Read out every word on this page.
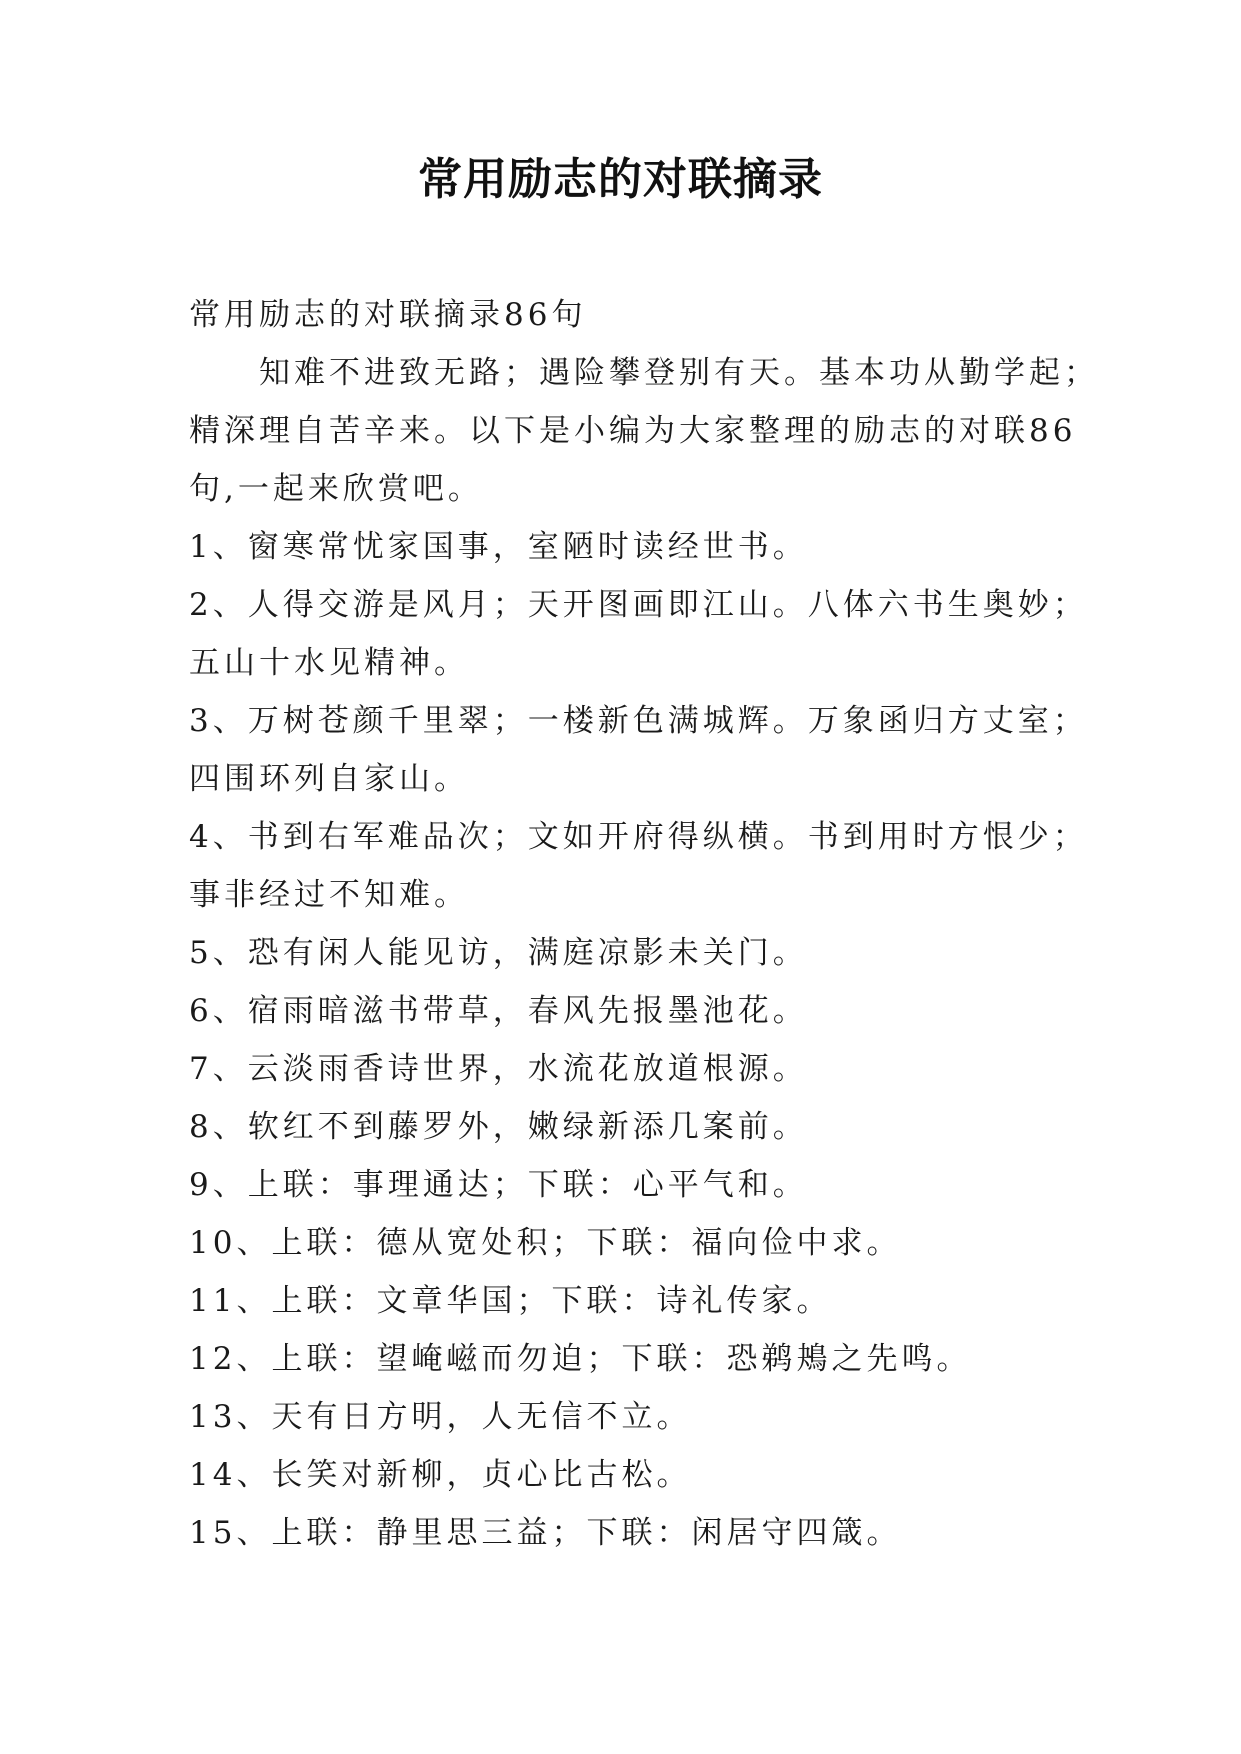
常用励志的对联摘录
常用励志的对联摘录86句
知难不进致无路；遇险攀登别有天。基本功从勤学起；
精深理自苦辛来。以下是小编为大家整理的励志的对联86
句,一起来欣赏吧。
1、窗寒常忧家国事，室陋时读经世书。
2、人得交游是风月；天开图画即江山。八体六书生奥妙；
五山十水见精神。
3、万树苍颜千里翠；一楼新色满城辉。万象函归方丈室；
四围环列自家山。
4、书到右军难品次；文如开府得纵横。书到用时方恨少；
事非经过不知难。
5、恐有闲人能见访，满庭凉影未关门。
6、宿雨暗滋书带草，春风先报墨池花。
7、云淡雨香诗世界，水流花放道根源。
8、软红不到藤罗外，嫩绿新添几案前。
9、上联：事理通达；下联：心平气和。
10、上联：德从宽处积；下联：福向俭中求。
11、上联：文章华国；下联：诗礼传家。
12、上联：望崦嵫而勿迫；下联：恐鹈鴂之先鸣。
13、天有日方明，人无信不立。
14、长笑对新柳，贞心比古松。
15、上联：静里思三益；下联：闲居守四箴。
